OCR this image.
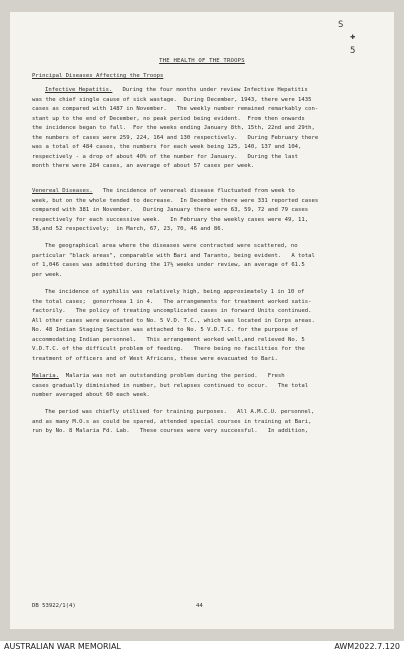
S
✚
5
THE HEALTH OF THE TROOPS
Principal Diseases Affecting the Troops
Infective Hepatitis. During the four months under review Infective Hepatitis
was the chief single cause of sick wastage.  During December, 1943, there were 1435
cases as compared with 1487 in November.   The weekly number remained remarkably con-
stant up to the end of December, no peak period being evident.  From then onwards
the incidence began to fall.  For the weeks ending January 8th, 15th, 22nd and 29th,
the numbers of cases were 259, 224, 164 and 130 respectively.   During February there
was a total of 484 cases, the numbers for each week being 125, 140, 137 and 104,
respectively - a drop of about 40% of the number for January.   During the last
month there were 284 cases, an average of about 57 cases per week.
Venereal Diseases. The incidence of venereal disease fluctuated from week to
week, but on the whole tended to decrease.  In December there were 331 reported cases
compared with 381 in November.   During January there were 63, 59, 72 and 79 cases
respectively for each successive week.   In February the weekly cases were 49, 11,
38,and 52 respectively;  in March, 67, 23, 70, 46 and 86.
The geographical area where the diseases were contracted were scattered, no
particular "black areas", comparable with Bari and Taranto, being evident.   A total
of 1,046 cases was admitted during the 17½ weeks under review, an average of 61.5
per week.
The incidence of syphilis was relatively high, being approximately 1 in 10 of
the total cases;  gonorrhoea 1 in 4.   The arrangements for treatment worked satis-
factorily.   The policy of treating uncomplicated cases in forward Units continued.
All other cases were evacuated to No. 5 V.D. T.C., which was located in Corps areas.
No. 48 Indian Staging Section was attached to No. 5 V.D.T.C. for the purpose of
accommodating Indian personnel.   This arrangement worked well,and relieved No. 5
V.D.T.C. of the difficult problem of feeding.   There being no facilities for the
treatment of officers and of West Africans, these were evacuated to Bari.
Malaria. Malaria was not an outstanding problem during the period.   Fresh
cases gradually diminished in number, but relapses continued to occur.   The total
number averaged about 60 each week.
The period was chiefly utilised for training purposes.   All A.M.C.U. personnel,
and as many M.O.s as could be spared, attended special courses in training at Bari,
run by No. 8 Malaria Fd. Lab.   These courses were very successful.   In addition,
DB 53922/1(4)	44
AUSTRALIAN WAR MEMORIAL	AWM2022.7.120
